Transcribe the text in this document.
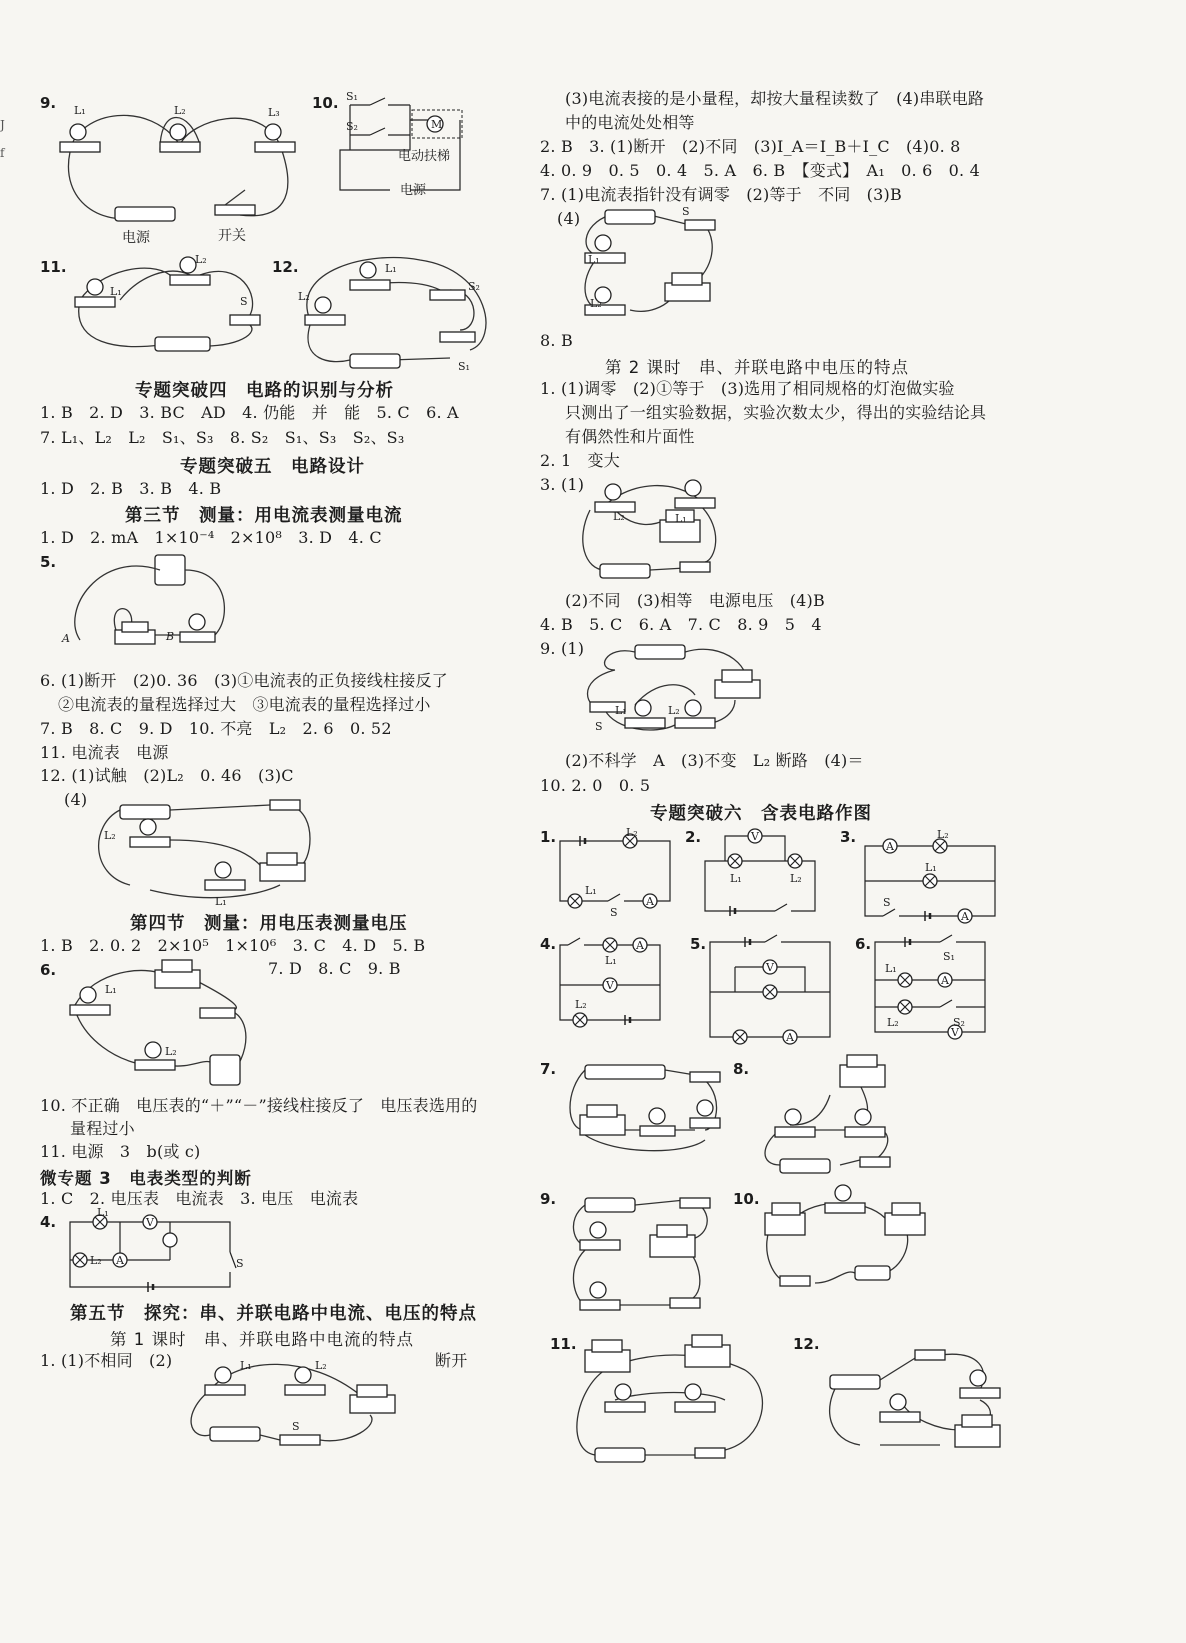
J
f
9. L₁	L₂	L₃
电源	开关
10.
M
S₁
S₂
电动扶梯
电源
11.
L₁
L₂
S
12.
L₂
L₁
S₂
S₁
专题突破四　电路的识别与分析
1. B　2. D　3. BC　AD　4. 仍能　并　能　5. C　6. A
7. L₁、L₂　L₂　S₁、S₃　8. S₂　S₁、S₃　S₂、S₃
专题突破五　电路设计
1. D　2. B　3. B　4. B
第三节　测量：用电流表测量电流
1. D　2. mA　1×10⁻⁴　2×10⁸　3. D　4. C
5.
A	B
6. (1)断开　(2)0. 36　(3)①电流表的正负接线柱接反了
②电流表的量程选择过大　③电流表的量程选择过小
7. B　8. C　9. D　10. 不亮　L₂　2. 6　0. 52
11. 电流表　电源
12. (1)试触　(2)L₂　0. 46　(3)C
(4)
L₂
L₁
第四节　测量：用电压表测量电压
1. B　2. 0. 2　2×10⁵　1×10⁶　3. C　4. D　5. B
6.	7. D　8. C　9. B
L₁
L₂
10. 不正确　电压表的“＋”“－”接线柱接反了　电压表选用的
量程过小
11. 电源　3　b(或 c)
微专题 3　电表类型的判断
1. C　2. 电压表　电流表　3. 电压　电流表
4.
L₁
L₂
V
A	S
第五节　探究：串、并联电路中电流、电压的特点
第 1 课时　串、并联电路中电流的特点
1. (1)不相同　(2)	断开
L₁	L₂
S
(3)电流表接的是小量程，却按大量程读数了　(4)串联电路
中的电流处处相等
2. B　3. (1)断开　(2)不同　(3)I_A＝I_B＋I_C　(4)0. 8
4. 0. 9　0. 5　0. 4　5. A　6. B　【变式】　A₁　0. 6　0. 4
7. (1)电流表指针没有调零　(2)等于　不同　(3)B
(4)	S
L₁
L₂
8. B
第 2 课时　串、并联电路中电压的特点
1. (1)调零　(2)①等于　(3)选用了相同规格的灯泡做实验
只测出了一组实验数据，实验次数太少，得出的实验结论具
有偶然性和片面性
2. 1　变大
3. (1)
L₂	L₁
(2)不同　(3)相等　电源电压　(4)B
4. B　5. C　6. A　7. C　8. 9　5　4
9. (1)
S
L₁	L₂
(2)不科学　A　(3)不变　L₂ 断路　(4)＝
10. 2. 0　0. 5
专题突破六　含表电路作图
1.	L₂
L₁
S
A
2.	V
L₁	L₂
3.
A
L₂
L₁
S
A
4.	A
L₁
V
L₂
5.
V
A
6.
S₁
L₁
A
L₂	S₂
V
7.	8.
9.	10.
11.	12.
